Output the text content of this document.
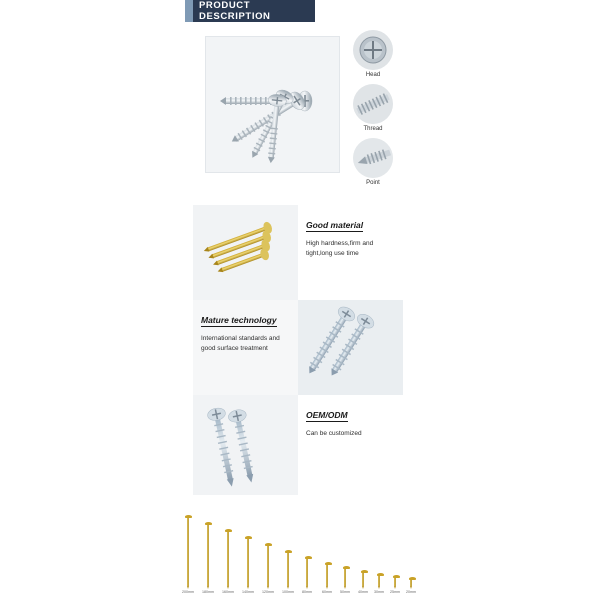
PRODUCT DESCRIPTION
Head
Thread
Point
Good material
High hardness,firm and tight,long use time
Mature technology
International standards and good surface treatment
OEM/ODM
Can be customized
200mm 180mm 160mm 140mm 120mm 100mm 80mm	60mm 50mm 40mm 30mm 25mm 20mm
